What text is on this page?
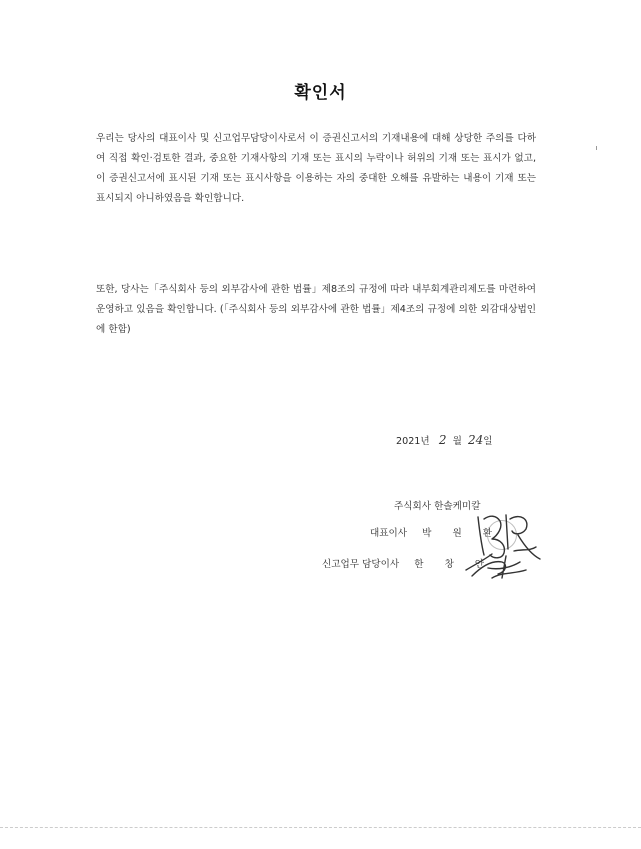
확인서

우리는 당사의 대표이사 및 신고업무담당이사로서 이 증권신고서의 기재내용에 대해 상당한 주의를 다하여 직접 확인·검토한 결과, 중요한 기재사항의 기재 또는 표시의 누락이나 허위의 기재 또는 표시가 없고, 이 증권신고서에 표시된 기재 또는 표시사항을 이용하는 자의 중대한 오해를 유발하는 내용이 기재 또는 표시되지 아니하였음을 확인합니다.

또한, 당사는「주식회사 등의 외부감사에 관한 법률」제8조의 규정에 따라 내부회계관리제도를 마련하여 운영하고 있음을 확인합니다. (「주식회사 등의 외부감사에 관한 법률」제4조의 규정에 의한 외감대상법인에 한함)

2021년 2 월 24일
주식회사 한솔케미칼
대표이사 박 원 환
신고업무 담당이사 한 창 안
